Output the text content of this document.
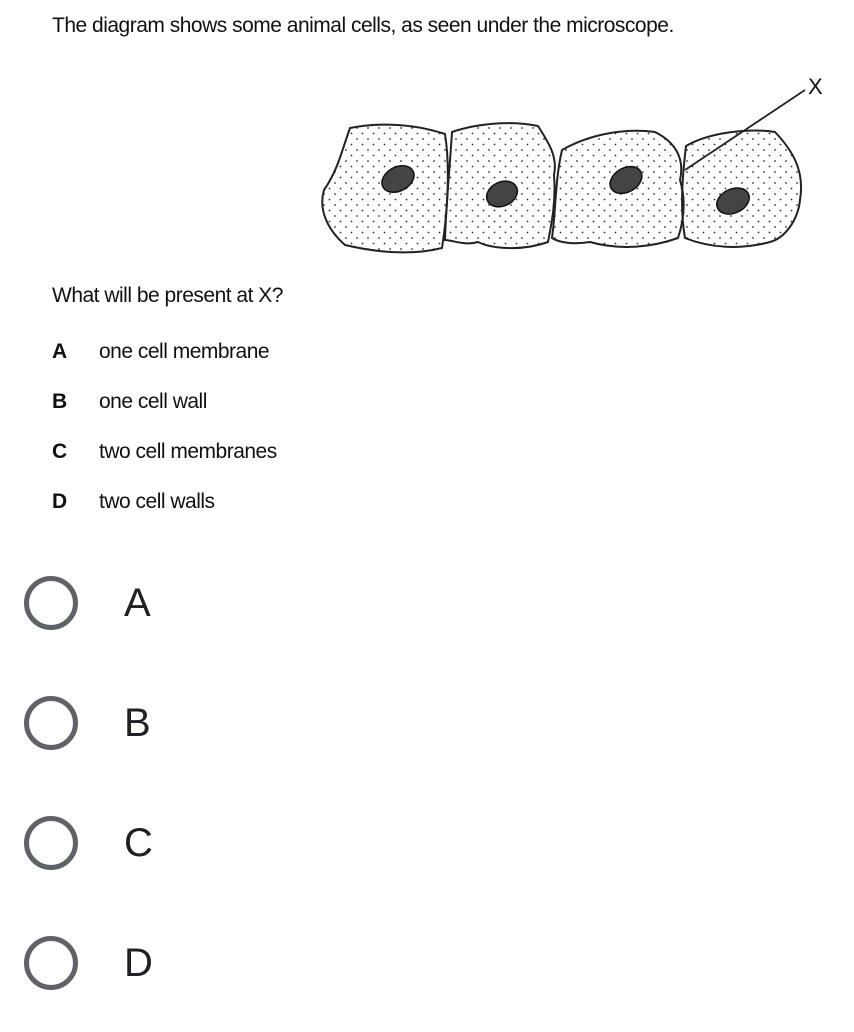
The diagram shows some animal cells, as seen under the microscope.
X
What will be present at X?
A	one cell membrane
B	one cell wall
C	two cell membranes
D	two cell walls
A
B
C
D
